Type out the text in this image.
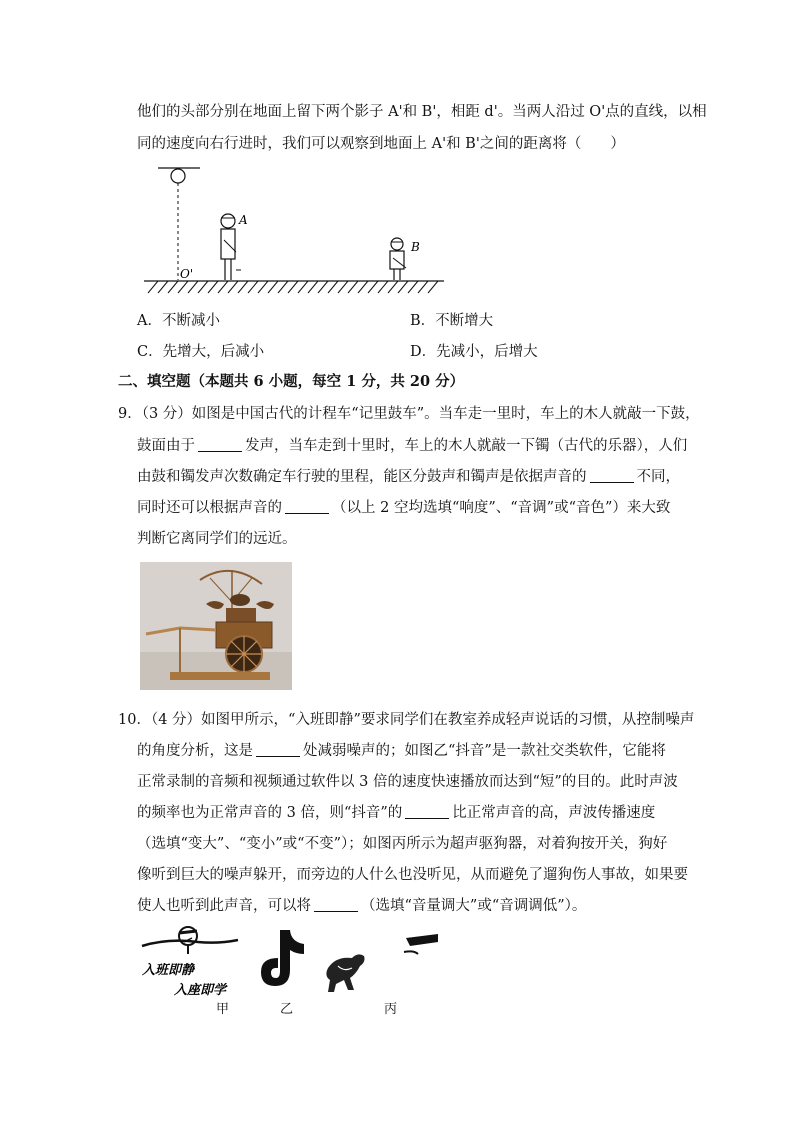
他们的头部分别在地面上留下两个影子 A'和 B'，相距 d'。当两人沿过 O'点的直线，以相
同的速度向右行进时，我们可以观察到地面上 A'和 B'之间的距离将（　　）
A
B
O'
A．不断减小	B．不断增大
C．先增大，后减小	D．先减小，后增大
二、填空题（本题共 6 小题，每空 1 分，共 20 分）
9．（3 分）如图是中国古代的计程车“记里鼓车”。当车走一里时，车上的木人就敲一下鼓，
鼓面由于	发声，当车走到十里时，车上的木人就敲一下镯（古代的乐器），人们
由鼓和镯发声次数确定车行驶的里程，能区分鼓声和镯声是依据声音的	不同，
同时还可以根据声音的	（以上 2 空均选填“响度”、“音调”或“音色”）来大致
判断它离同学们的远近。
10．（4 分）如图甲所示，“入班即静”要求同学们在教室养成轻声说话的习惯，从控制噪声
的角度分析，这是	处减弱噪声的；如图乙“抖音”是一款社交类软件，它能将
正常录制的音频和视频通过软件以 3 倍的速度快速播放而达到“短”的目的。此时声波
的频率也为正常声音的 3 倍，则“抖音”的	比正常声音的高，声波传播速度
（选填“变大”、“变小”或“不变”）；如图丙所示为超声驱狗器，对着狗按开关，狗好
像听到巨大的噪声躲开，而旁边的人什么也没听见，从而避免了遛狗伤人事故，如果要
使人也听到此声音，可以将	（选填“音量调大”或“音调调低”）。
入班即静
入座即学
甲	乙	丙
